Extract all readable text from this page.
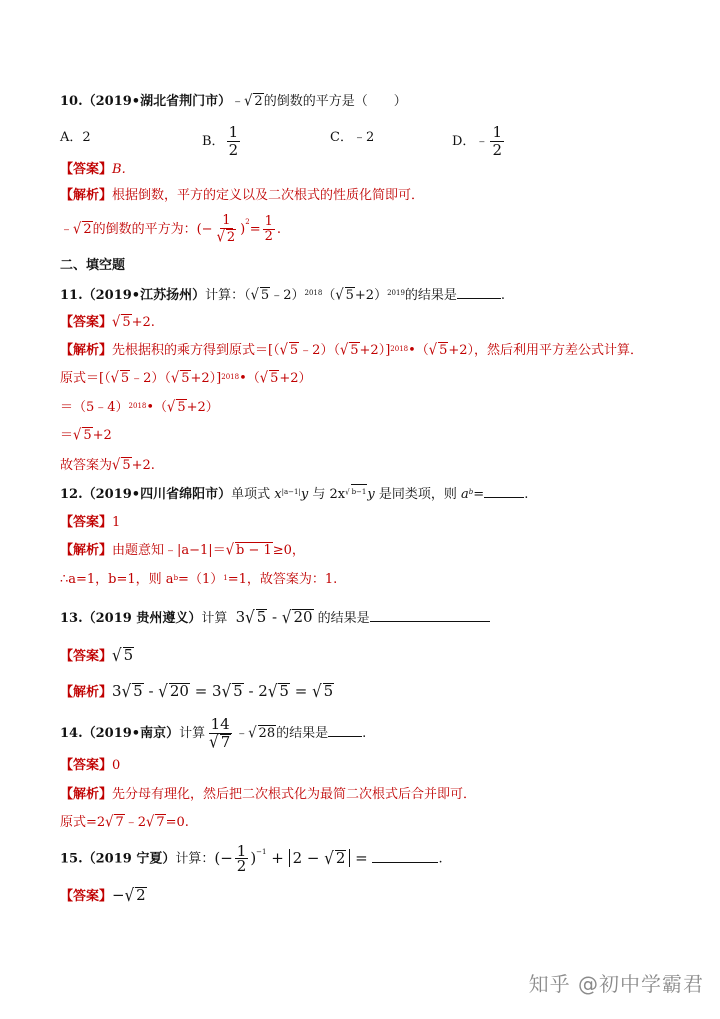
10.（2019•湖北省荆门市）﹣√ 2的倒数的平方是（　　）
A．2	B． $\frac{1}{2}$	C．﹣2	D．﹣ $\frac{1}{2}$
【答案】B.
【解析】根据倒数，平方的定义以及二次根式的性质化简即可．
﹣√ 2的倒数的平方为：(− $\frac{1}{√ 2} )^2= \frac{1}{2}$ .
二、填空题
11.（2019•江苏扬州）计算：（√ 5﹣2）$^{2018}$（√ 5+2）$^{2019}$的结果是	.
【答案】√ 5+2.
【解析】先根据积的乘方得到原式＝[（√ 5﹣2）（√ 5+2）]$^{2018}$•（√ 5+2），然后利用平方差公式计算．
原式＝[（√ 5﹣2）（√ 5+2）]$^{2018}$•（√ 5+2）
＝（5﹣4）$^{2018}$•（√ 5+2）
＝√ 5+2
故答案为√ 5+2.
12.（2019•四川省绵阳市）单项式 $x^{|a-1|}y$ 与 $2x^{√ b-1}y$ 是同类项，则 $a^b=$	.
【答案】1
【解析】由题意知﹣|a−1|＝√ b − 1≥0，
∴a=1，b=1，则 $a^b=(1)^1=1$，故答案为：1.
13.（2019 贵州遵义）计算 3√ 5 - √ 20 的结果是
【答案】√ 5
【解析】3√ 5 - √ 20 = 3√ 5 - 2√ 5 = √ 5
14.（2019•南京）计算 $\frac{14}{√ 7}$ ﹣√ 28的结果是	.
【答案】0
【解析】先分母有理化，然后把二次根式化为最简二次根式后合并即可．
原式=2√ 7﹣2√ 7=0.
15.（2019 宁夏）计算：(− $\frac{1}{2} )^{-1} + 2$ − √ 2 =	.
【答案】−√ 2
知乎 @初中学霸君
